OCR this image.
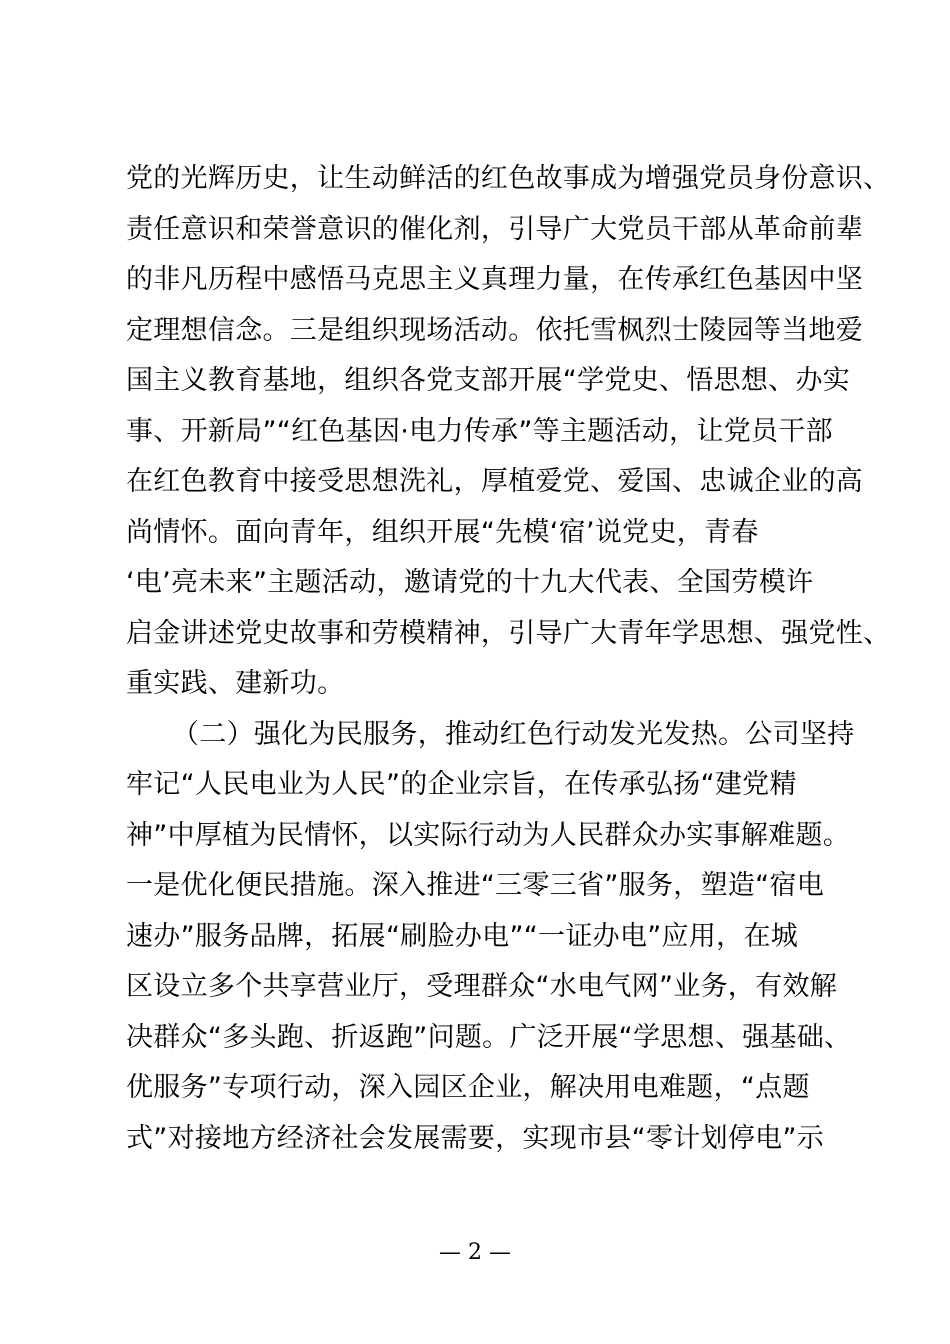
党的光辉历史，让生动鲜活的红色故事成为增强党员身份意识、
责任意识和荣誉意识的催化剂，引导广大党员干部从革命前辈
的非凡历程中感悟马克思主义真理力量，在传承红色基因中坚
定理想信念。三是组织现场活动。依托雪枫烈士陵园等当地爱
国主义教育基地，组织各党支部开展“学党史、悟思想、办实
事、开新局”“红色基因·电力传承”等主题活动，让党员干部
在红色教育中接受思想洗礼，厚植爱党、爱国、忠诚企业的高
尚情怀。面向青年，组织开展“先模‘宿’说党史，青春
‘电’亮未来”主题活动，邀请党的十九大代表、全国劳模许
启金讲述党史故事和劳模精神，引导广大青年学思想、强党性、
重实践、建新功。
（二）强化为民服务，推动红色行动发光发热。公司坚持
牢记“人民电业为人民”的企业宗旨，在传承弘扬“建党精
神”中厚植为民情怀，以实际行动为人民群众办实事解难题。
一是优化便民措施。深入推进“三零三省”服务，塑造“宿电
速办”服务品牌，拓展“刷脸办电”“一证办电”应用，在城
区设立多个共享营业厅，受理群众“水电气网”业务，有效解
决群众“多头跑、折返跑”问题。广泛开展“学思想、强基础、
优服务”专项行动，深入园区企业，解决用电难题，“点题
式”对接地方经济社会发展需要，实现市县“零计划停电”示
— 2 —
